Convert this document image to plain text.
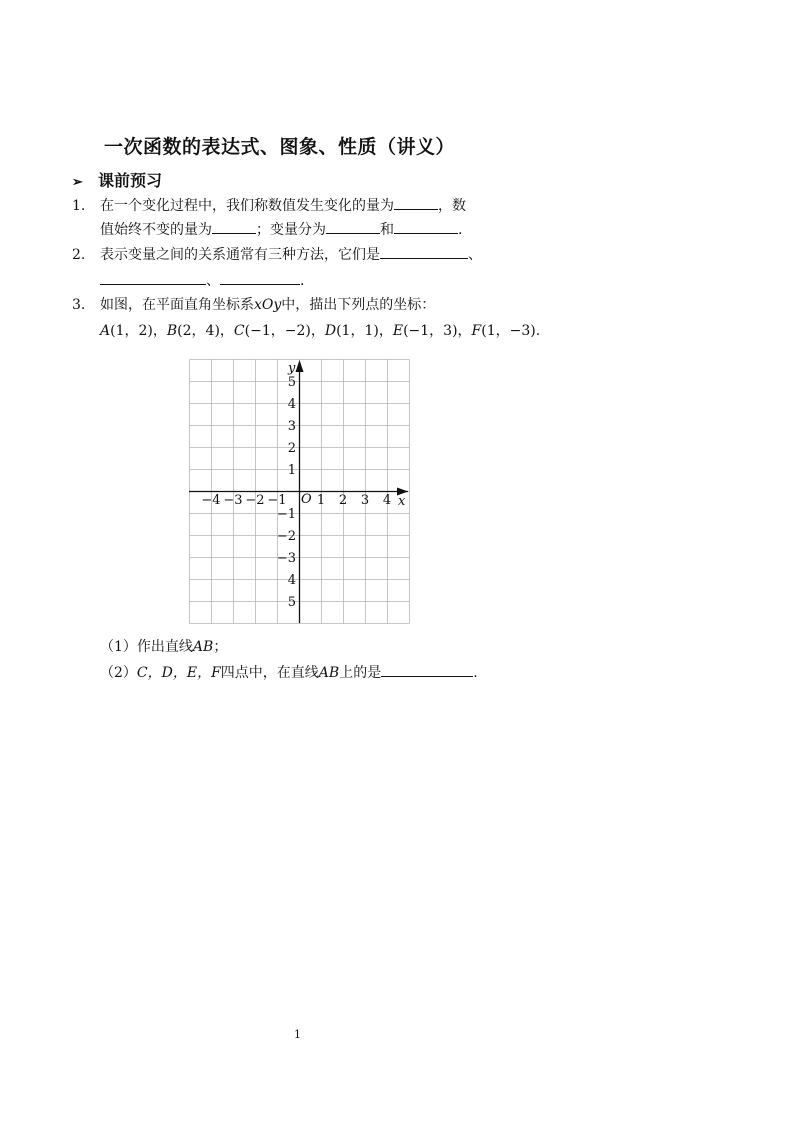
一次函数的表达式、图象、性质（讲义）
➢ 课前预习
1. 在一个变化过程中，我们称数值发生变化的量为	，数
值始终不变的量为	；变量分为	和	.
2. 表示变量之间的关系通常有三种方法，它们是	、
、	.
3. 如图，在平面直角坐标系xOy中，描出下列点的坐标：
A(1，2)，B(2，4)，C(−1，−2)，D(1，1)，E(−1，3)，F(1，−3).
−4 −3 −2 −1 1 2 3 4
5
4
3
2
1
−1
−2
−3
4
5
O	x
y
（1）作出直线AB；
（2）C，D，E，F四点中，在直线AB上的是	.
1
